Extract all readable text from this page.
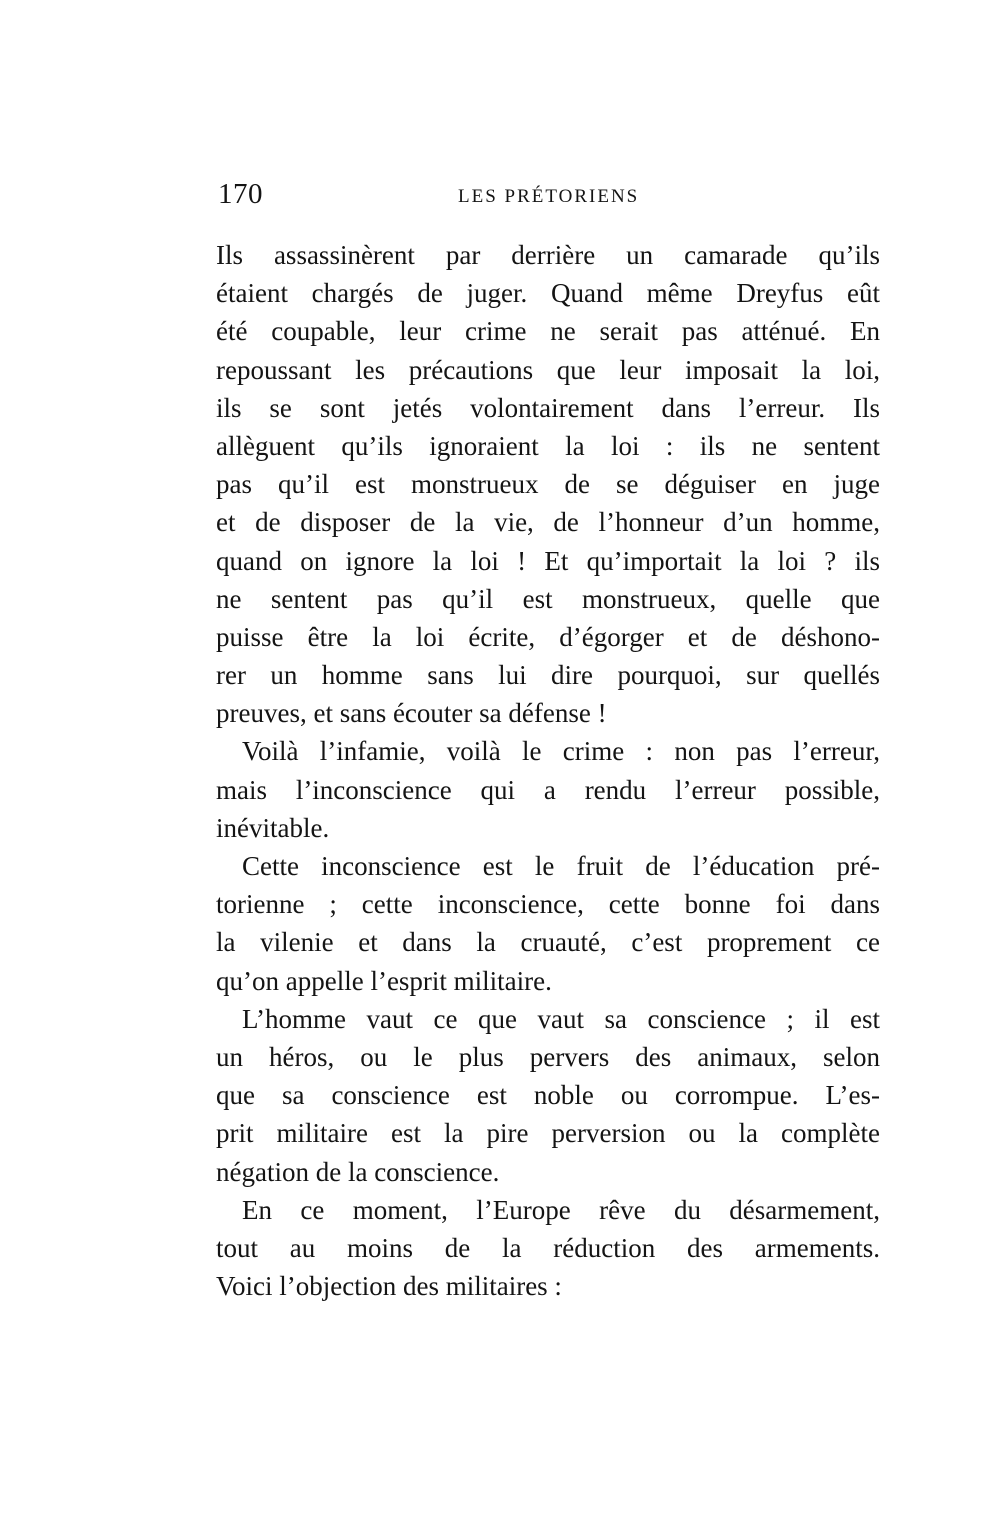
170	LES PRÉTORIENS
Ils assassinèrent par derrière un camarade qu’ils
étaient chargés de juger. Quand même Dreyfus eût
été coupable, leur crime ne serait pas atténué. En
repoussant les précautions que leur imposait la loi,
ils se sont jetés volontairement dans l’erreur. Ils
allèguent qu’ils ignoraient la loi : ils ne sentent
pas qu’il est monstrueux de se déguiser en juge
et de disposer de la vie, de l’honneur d’un homme,
quand on ignore la loi ! Et qu’importait la loi ? ils
ne sentent pas qu’il est monstrueux, quelle que
puisse être la loi écrite, d’égorger et de déshono-
rer un homme sans lui dire pourquoi, sur quellés
preuves, et sans écouter sa défense !
Voilà l’infamie, voilà le crime : non pas l’erreur,
mais l’inconscience qui a rendu l’erreur possible,
inévitable.
Cette inconscience est le fruit de l’éducation pré-
torienne ; cette inconscience, cette bonne foi dans
la vilenie et dans la cruauté, c’est proprement ce
qu’on appelle l’esprit militaire.
L’homme vaut ce que vaut sa conscience ; il est
un héros, ou le plus pervers des animaux, selon
que sa conscience est noble ou corrompue. L’es-
prit militaire est la pire perversion ou la complète
négation de la conscience.
En ce moment, l’Europe rêve du désarmement,
tout au moins de la réduction des armements.
Voici l’objection des militaires :
